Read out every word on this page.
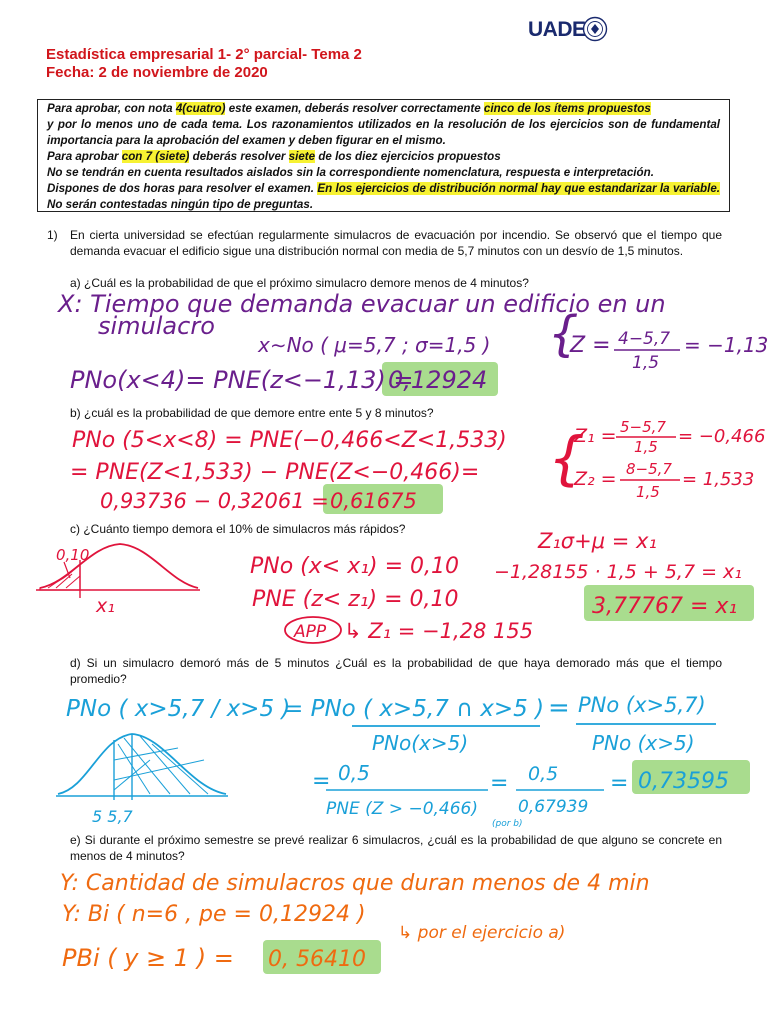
UADE
Estadística empresarial 1- 2° parcial- Tema 2
Fecha: 2 de noviembre de 2020

Para aprobar, con nota 4(cuatro) este examen, deberás resolver correctamente cinco de los ítems propuestos

y por lo menos uno de cada tema. Los razonamientos utilizados en la resolución de los ejercicios son de fundamental importancia para la aprobación del examen y deben figurar en el mismo.

Para aprobar con 7 (siete) deberás resolver siete de los diez ejercicios propuestos

No se tendrán en cuenta resultados aislados sin la correspondiente nomenclatura, respuesta e interpretación.

Dispones de dos horas para resolver el examen. En los ejercicios de distribución normal hay que estandarizar la variable. No serán contestadas ningún tipo de preguntas.

1) En cierta universidad se efectúan regularmente simulacros de evacuación por incendio. Se observó que el tiempo que demanda evacuar el edificio sigue una distribución normal con media de 5,7 minutos con un desvío de 1,5 minutos.
a) ¿Cuál es la probabilidad de que el próximo simulacro demore menos de 4 minutos?
b) ¿cuál es la probabilidad de que demore entre ente 5 y 8 minutos?
c) ¿Cuánto tiempo demora el 10% de simulacros más rápidos?
d) Si un simulacro demoró más de 5 minutos ¿Cuál es la probabilidad de que haya demorado más que el tiempo promedio?
e) Si durante el próximo semestre se prevé realizar 6 simulacros, ¿cuál es la probabilidad de que alguno se concrete en menos de 4 minutos?
X: Tiempo que demanda evacuar un edificio en un
simulacro
x∼No ( μ=5,7 ; σ=1,5 )
PNo(x<4)= PNE(z<−1,13) =
0,12924
{
Z = 4−5,7
1,5
= −1,13
PNo (5<x<8) = PNE(−0,466<Z<1,533)
= PNE(Z<1,533) − PNE(Z<−0,466)=
0,93736 − 0,32061 = 0,61675
{
Z₁ = 5−5,7
1,5 = −0,466
Z₂ = 8−5,7
1,5
= 1,533
0,10
x₁
PNo (x< x₁) = 0,10
PNE (z< z₁) = 0,10
APP ↳ Z₁ = −1,28 155
Z₁σ+μ = x₁
−1,28155 · 1,5 + 5,7 = x₁
3,77767 = x₁
PNo ( x>5,7 / x>5 )
= PNo ( x>5,7 ∩ x>5 )
PNo(x>5)
= PNo (x>5,7)
PNo (x>5)
= 0,5
PNE (Z > −0,466)
= 0,5
0,67939
= 0,73595
(por b)
5 5,7
Y: Cantidad de simulacros que duran menos de 4 min
Y: Bi ( n=6 , pe = 0,12924 )
↳ por el ejercicio a)
PBi ( y ≥ 1 ) = 0, 56410
